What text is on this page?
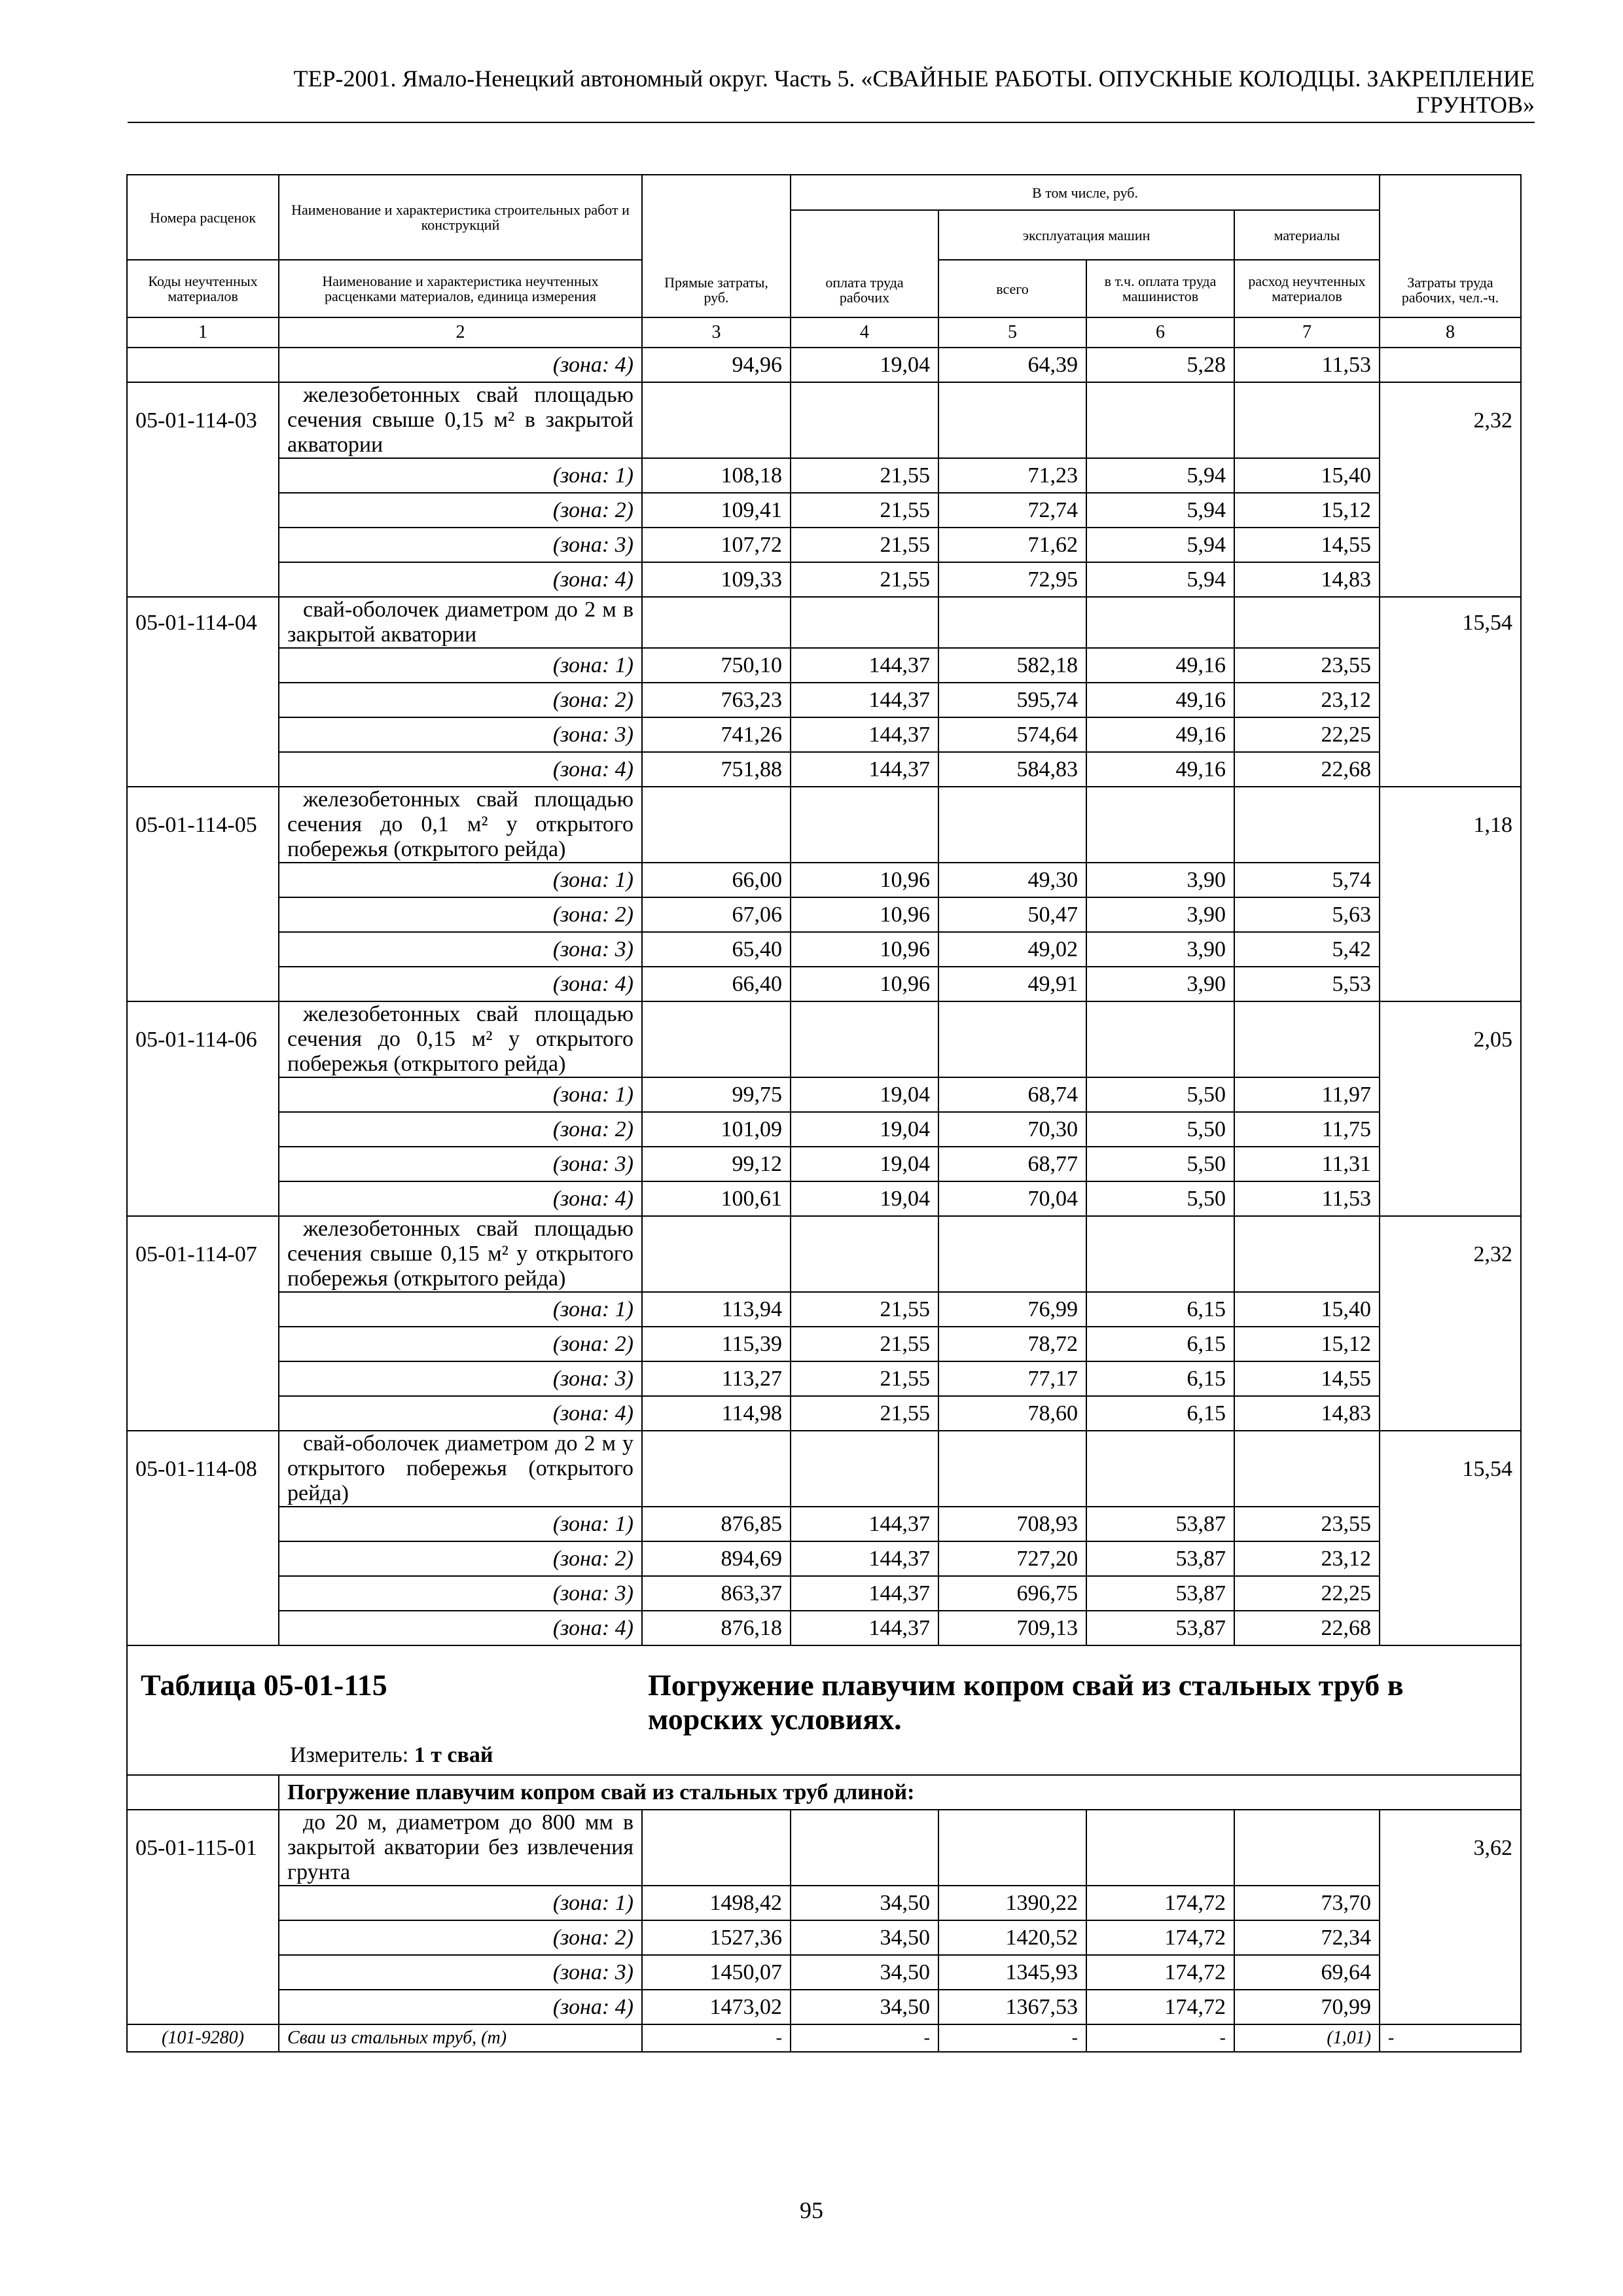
ТЕР-2001. Ямало-Ненецкий автономный округ. Часть 5. «СВАЙНЫЕ РАБОТЫ. ОПУСКНЫЕ КОЛОДЦЫ. ЗАКРЕПЛЕНИЕ
ГРУНТОВ»
Номера расценок	Наименование и характеристика строительных работ и конструкций	Прямые затраты, руб.	В том числе, руб.				Затраты труда рабочих, чел.-ч.
			оплата труда рабочих	эксплуатация машин		материалы	
Коды неучтенных материалов	Наименование и характеристика неучтенных расценками материалов, единица измерения			всего	в т.ч. оплата труда машинистов	расход неучтенных материалов	
1	2	3	4	5	6	7	8
	(зона: 4)	94,96	19,04	64,39	5,28	11,53	
05-01-114-03	железобетонных свай площадью сечения свыше 0,15 м² в закрытой акватории						2,32
	(зона: 1)	108,18	21,55	71,23	5,94	15,40	
	(зона: 2)	109,41	21,55	72,74	5,94	15,12	
	(зона: 3)	107,72	21,55	71,62	5,94	14,55	
	(зона: 4)	109,33	21,55	72,95	5,94	14,83	
05-01-114-04	свай-оболочек диаметром до 2 м в закрытой акватории						15,54
	(зона: 1)	750,10	144,37	582,18	49,16	23,55	
	(зона: 2)	763,23	144,37	595,74	49,16	23,12	
	(зона: 3)	741,26	144,37	574,64	49,16	22,25	
	(зона: 4)	751,88	144,37	584,83	49,16	22,68	
05-01-114-05	железобетонных свай площадью сечения до 0,1 м² у открытого побережья (открытого рейда)						1,18
	(зона: 1)	66,00	10,96	49,30	3,90	5,74	
	(зона: 2)	67,06	10,96	50,47	3,90	5,63	
	(зона: 3)	65,40	10,96	49,02	3,90	5,42	
	(зона: 4)	66,40	10,96	49,91	3,90	5,53	
05-01-114-06	железобетонных свай площадью сечения до 0,15 м² у открытого побережья (открытого рейда)						2,05
	(зона: 1)	99,75	19,04	68,74	5,50	11,97	
	(зона: 2)	101,09	19,04	70,30	5,50	11,75	
	(зона: 3)	99,12	19,04	68,77	5,50	11,31	
	(зона: 4)	100,61	19,04	70,04	5,50	11,53	
05-01-114-07	железобетонных свай площадью сечения свыше 0,15 м² у открытого побережья (открытого рейда)						2,32
	(зона: 1)	113,94	21,55	76,99	6,15	15,40	
	(зона: 2)	115,39	21,55	78,72	6,15	15,12	
	(зона: 3)	113,27	21,55	77,17	6,15	14,55	
	(зона: 4)	114,98	21,55	78,60	6,15	14,83	
05-01-114-08	свай-оболочек диаметром до 2 м у открытого побережья (открытого рейда)						15,54
	(зона: 1)	876,85	144,37	708,93	53,87	23,55	
	(зона: 2)	894,69	144,37	727,20	53,87	23,12	
	(зона: 3)	863,37	144,37	696,75	53,87	22,25	
	(зона: 4)	876,18	144,37	709,13	53,87	22,68	

Таблица 05-01-115 Погружение плавучим копром свай из стальных труб в морских условиях.
Измеритель: 1 т свай							

	Погружение плавучим копром свай из стальных труб длиной:						
05-01-115-01	до 20 м, диаметром до 800 мм в закрытой акватории без извлечения грунта						3,62
	(зона: 1)	1498,42	34,50	1390,22	174,72	73,70	
	(зона: 2)	1527,36	34,50	1420,52	174,72	72,34	
	(зона: 3)	1450,07	34,50	1345,93	174,72	69,64	
	(зона: 4)	1473,02	34,50	1367,53	174,72	70,99	
(101-9280)	Сваи из стальных труб, (т)	-	-	-	-	(1,01)	-
95
